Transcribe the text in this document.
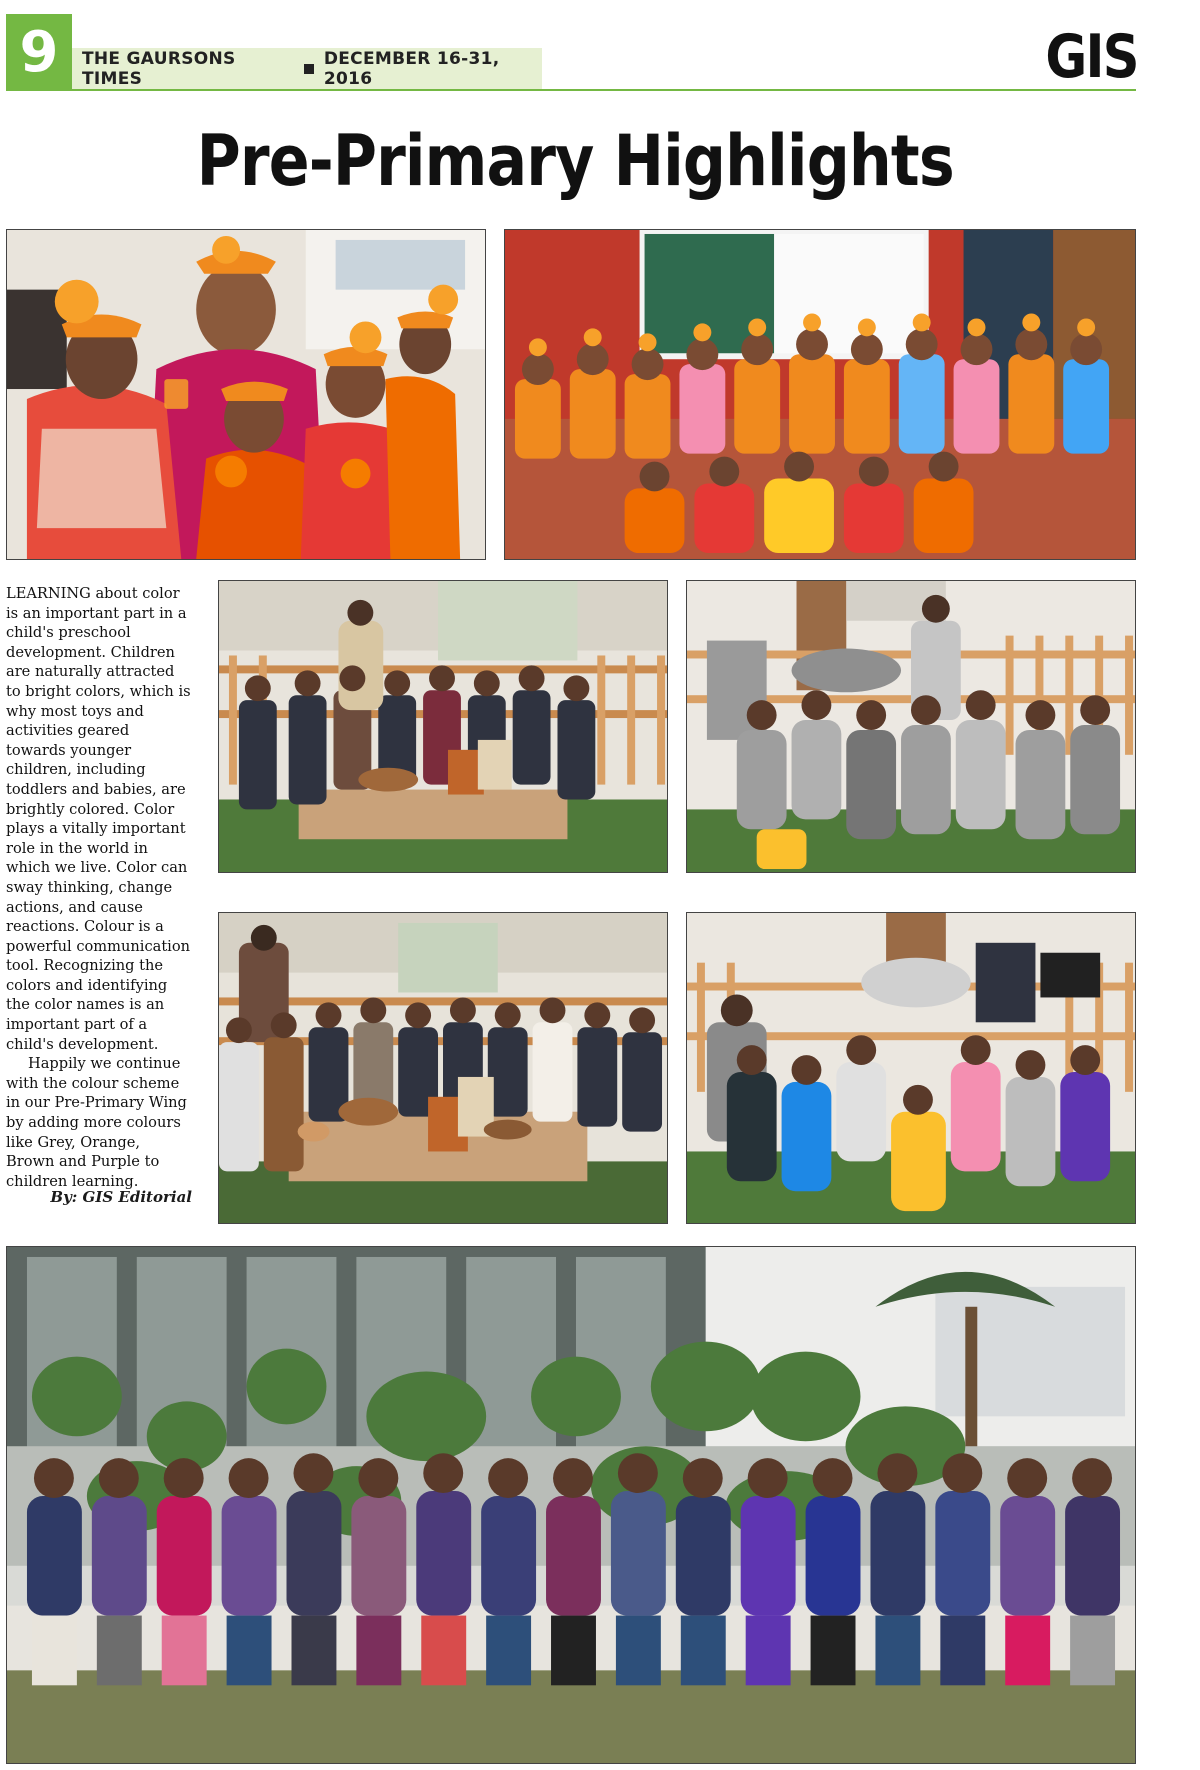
9 THE GAURSONS TIMES
DECEMBER 16-31, 2016	GIS
Pre-Primary Highlights

LEARNING about color is an important part in a child's preschool development. Children are naturally attracted to bright colors, which is why most toys and activities geared towards younger children, including toddlers and babies, are brightly colored. Color plays a vitally important role in the world in which we live. Color can sway thinking, change actions, and cause reactions. Colour is a powerful communication tool. Recognizing the colors and identifying the color names is an important part of a child's development.

Happily we continue with the colour scheme in our Pre-Primary Wing by adding more colours like Grey, Orange, Brown and Purple to children learning.

By: GIS Editorial
